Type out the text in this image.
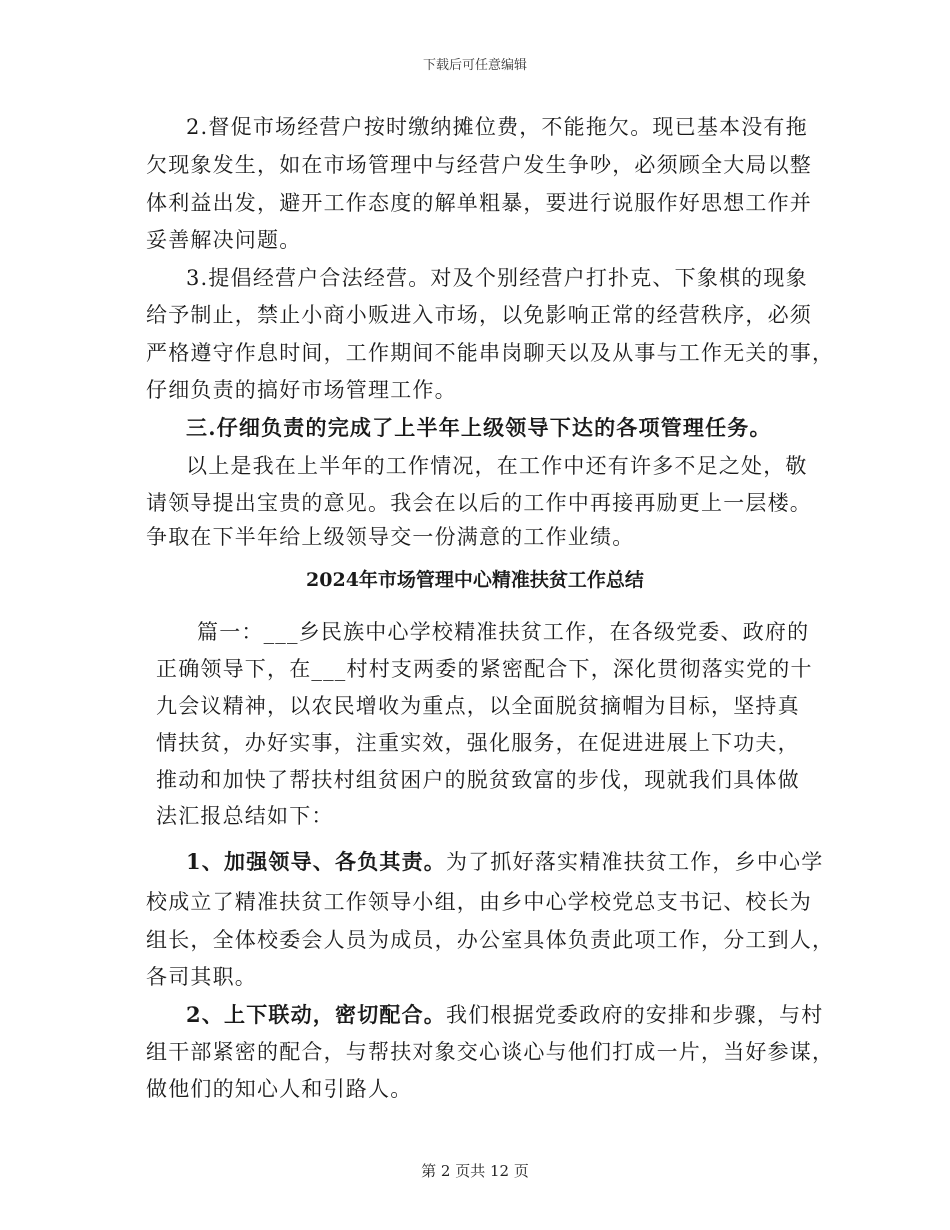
下载后可任意编辑
2.督促市场经营户按时缴纳摊位费，不能拖欠。现已基本没有拖
欠现象发生，如在市场管理中与经营户发生争吵，必须顾全大局以整
体利益出发，避开工作态度的解单粗暴，要进行说服作好思想工作并
妥善解决问题。
3.提倡经营户合法经营。对及个别经营户打扑克、下象棋的现象
给予制止，禁止小商小贩进入市场，以免影响正常的经营秩序，必须
严格遵守作息时间，工作期间不能串岗聊天以及从事与工作无关的事，
仔细负责的搞好市场管理工作。
三.仔细负责的完成了上半年上级领导下达的各项管理任务。
以上是我在上半年的工作情况，在工作中还有许多不足之处，敬
请领导提出宝贵的意见。我会在以后的工作中再接再励更上一层楼。
争取在下半年给上级领导交一份满意的工作业绩。
2024年市场管理中心精准扶贫工作总结
篇一：___乡民族中心学校精准扶贫工作，在各级党委、政府的
正确领导下，在___村村支两委的紧密配合下，深化贯彻落实党的十
九会议精神，以农民增收为重点，以全面脱贫摘帽为目标，坚持真
情扶贫，办好实事，注重实效，强化服务，在促进进展上下功夫，
推动和加快了帮扶村组贫困户的脱贫致富的步伐，现就我们具体做
法汇报总结如下：
1、加强领导、各负其责。为了抓好落实精准扶贫工作，乡中心学
校成立了精准扶贫工作领导小组，由乡中心学校党总支书记、校长为
组长，全体校委会人员为成员，办公室具体负责此项工作，分工到人，
各司其职。
2、上下联动，密切配合。我们根据党委政府的安排和步骤，与村
组干部紧密的配合，与帮扶对象交心谈心与他们打成一片，当好参谋，
做他们的知心人和引路人。
第 2 页共 12 页
